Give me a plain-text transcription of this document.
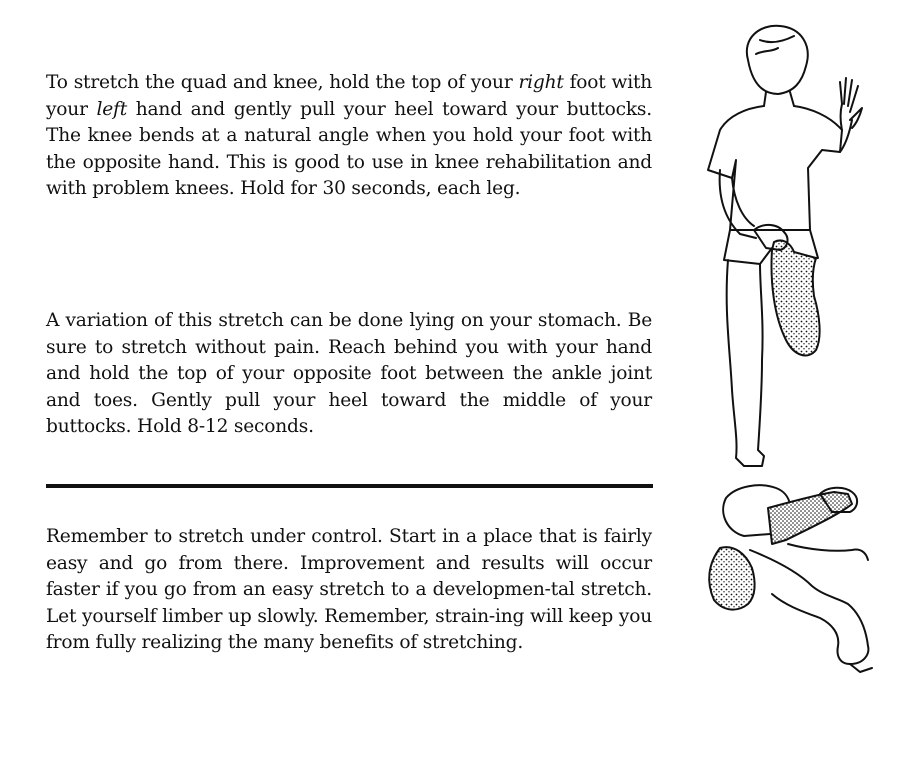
To stretch the quad and knee, hold the top of your right foot with your left hand and gently pull your heel toward your buttocks. The knee bends at a natural angle when you hold your foot with the opposite hand. This is good to use in knee rehabilitation and with problem knees. Hold for 30 seconds, each leg.

A variation of this stretch can be done lying on your stomach. Be sure to stretch without pain. Reach behind you with your hand and hold the top of your opposite foot between the ankle joint and toes. Gently pull your heel toward the middle of your buttocks. Hold 8-12 seconds.

Remember to stretch under control. Start in a place that is fairly easy and go from there. Improvement and results will occur faster if you go from an easy stretch to a developmen-tal stretch. Let yourself limber up slowly. Remember, strain-ing will keep you from fully realizing the many benefits of stretching.
